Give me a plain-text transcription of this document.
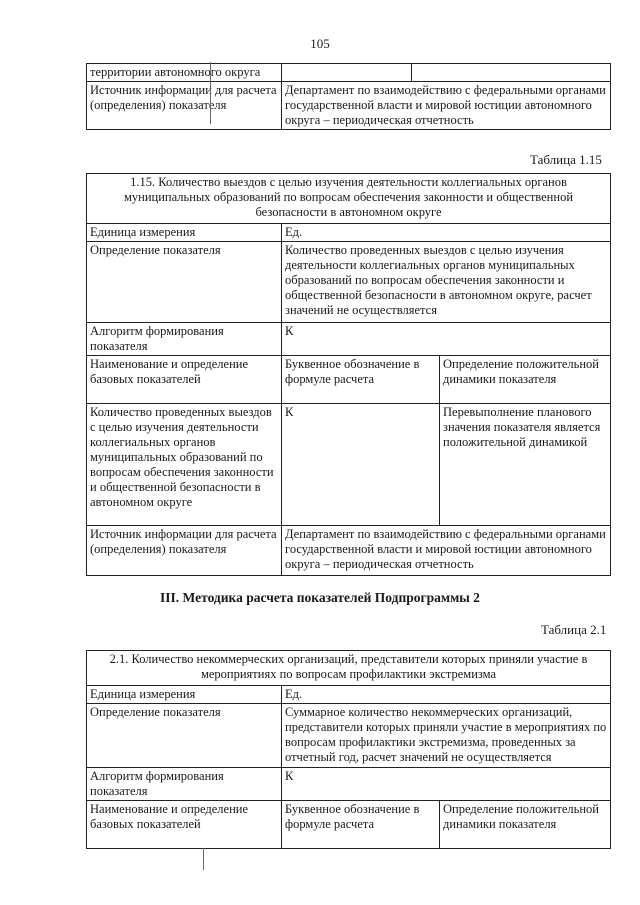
105
территории автономного округа		
Источник информации для расчета (определения) показателя	Департамент по взаимодействию с федеральными органами государственной власти и мировой юстиции автономного округа – периодическая отчетность	
Таблица 1.15
1.15. Количество выездов с целью изучения деятельности коллегиальных органов муниципальных образований по вопросам обеспечения законности и общественной безопасности в автономном округе		
Единица измерения	Ед.	
Определение показателя	Количество проведенных выездов с целью изучения деятельности коллегиальных органов муниципальных образований по вопросам обеспечения законности и общественной безопасности в автономном округе, расчет значений не осуществляется	
Алгоритм формирования показателя	К	
Наименование и определение базовых показателей	Буквенное обозначение в формуле расчета	Определение положительной динамики показателя
Количество проведенных выездов с целью изучения деятельности коллегиальных органов муниципальных образований по вопросам обеспечения законности и общественной безопасности в автономном округе	К	Перевыполнение планового значения показателя является положительной динамикой
Источник информации для расчета (определения) показателя	Департамент по взаимодействию с федеральными органами государственной власти и мировой юстиции автономного округа – периодическая отчетность	
III. Методика расчета показателей Подпрограммы 2
Таблица 2.1
2.1. Количество некоммерческих организаций, представители которых приняли участие в мероприятиях по вопросам профилактики экстремизма		
Единица измерения	Ед.	
Определение показателя	Суммарное количество некоммерческих организаций, представители которых приняли участие в мероприятиях по вопросам профилактики экстремизма, проведенных за отчетный год, расчет значений не осуществляется	
Алгоритм формирования показателя	К	
Наименование и определение базовых показателей	Буквенное обозначение в формуле расчета	Определение положительной динамики показателя
